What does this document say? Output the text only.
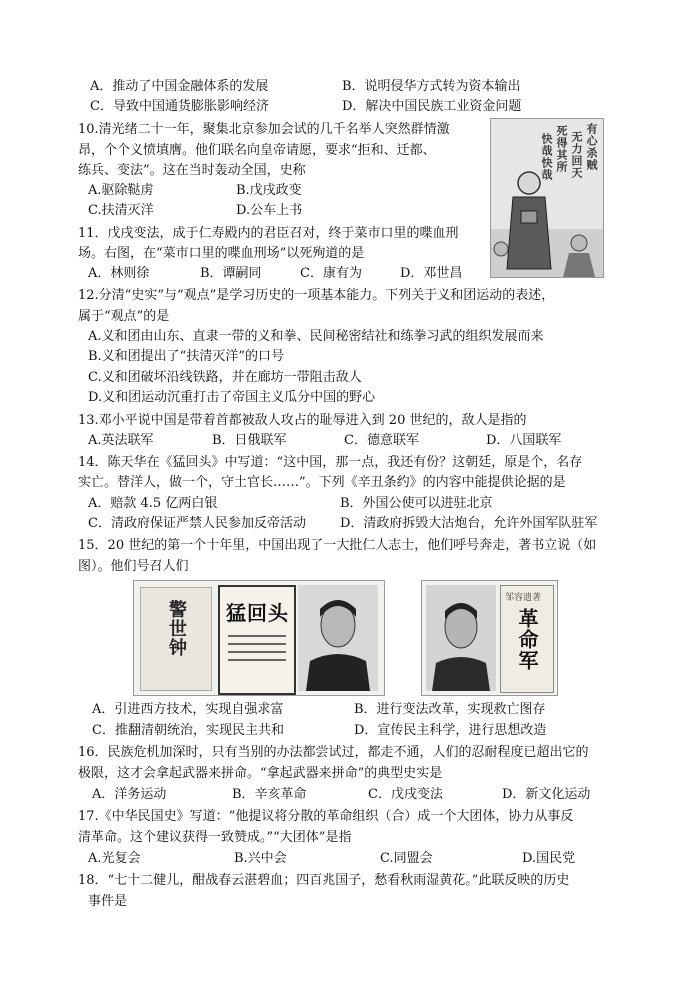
A．推动了中国金融体系的发展	B．说明侵华方式转为资本输出
C．导致中国通货膨胀影响经济	D．解决中国民族工业资金问题
10.清光绪二十一年，聚集北京参加会试的几千名举人突然群情激
昂，个个义愤填膺。他们联名向皇帝请愿，要求“拒和、迁都、
练兵、变法”。这在当时轰动全国，史称
A.驱除鞑虏	B.戊戌政变
C.扶清灭洋	D.公车上书
11．戊戌变法，成于仁寿殿内的君臣召对，终于菜市口里的喋血刑
场。右图，在“菜市口里的喋血刑场”以死殉道的是
A．林则徐	B．谭嗣同	C．康有为	D．邓世昌
有心杀贼
无力回天
死得其所
快哉快哉
12.分清“史实”与“观点”是学习历史的一项基本能力。下列关于义和团运动的表述，
属于“观点”的是
A.义和团由山东、直隶一带的义和拳、民间秘密结社和练拳习武的组织发展而来
B.义和团提出了“扶清灭洋”的口号
C.义和团破坏沿线铁路，并在廊坊一带阻击敌人
D.义和团运动沉重打击了帝国主义瓜分中国的野心
13.邓小平说中国是带着首都被敌人攻占的耻辱进入到 20 世纪的，敌人是指的
A.英法联军	B．日俄联军	C．德意联军	D．八国联军
14．陈天华在《猛回头》中写道：“这中国，那一点，我还有份？这朝廷，原是个，名存
实亡。替洋人，做一个，守土官长……”。下列《辛丑条约》的内容中能提供论据的是
A．赔款 4.5 亿两白银	B．外国公使可以进驻北京
C．清政府保证严禁人民参加反帝活动	D．清政府拆毁大沽炮台，允许外国军队驻军
15．20 世纪的第一个十年里，中国出现了一大批仁人志士，他们呼号奔走，著书立说（如
图）。他们号召人们
警世钟 猛回头
邹容遗著
革命军
A．引进西方技术，实现自强求富	B．进行变法改革，实现救亡图存
C．推翻清朝统治，实现民主共和	D．宣传民主科学，进行思想改造
16．民族危机加深时，只有当别的办法都尝试过，都走不通，人们的忍耐程度已超出它的
极限，这才会拿起武器来拼命。“拿起武器来拼命”的典型史实是
A．洋务运动	B．辛亥革命	C．戊戌变法	D．新文化运动
17.《中华民国史》写道：“他提议将分散的革命组织（合）成一个大团体，协力从事反
清革命。这个建议获得一致赞成。”“大团体”是指
A.光复会	B.兴中会	C.同盟会	D.国民党
18．“七十二健儿，酣战春云湛碧血；四百兆国子，愁看秋雨湿黄花。”此联反映的历史
事件是
